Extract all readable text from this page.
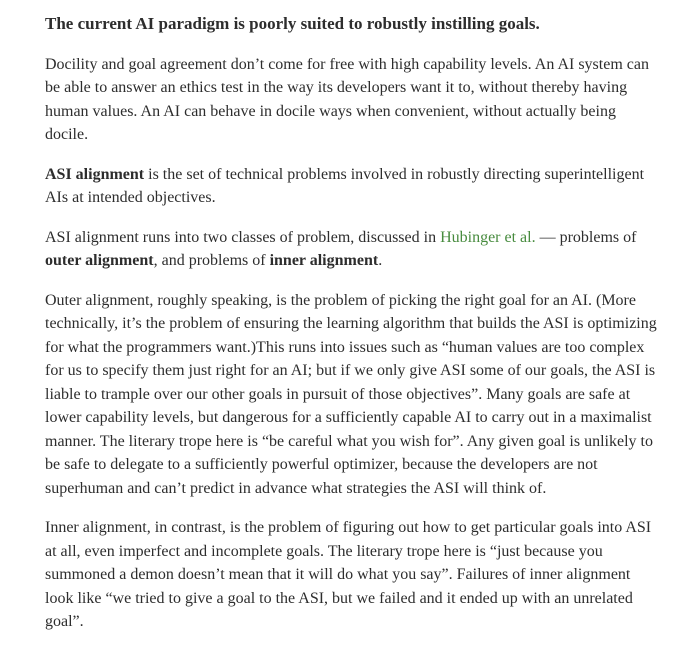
The current AI paradigm is poorly suited to robustly instilling goals.

Docility and goal agreement don’t come for free with high capability levels. An AI system can be able to answer an ethics test in the way its developers want it to, without thereby having human values. An AI can behave in docile ways when convenient, without actually being docile.

ASI alignment is the set of technical problems involved in robustly directing superintelligent AIs at intended objectives.

ASI alignment runs into two classes of problem, discussed in Hubinger et al. — problems of outer alignment, and problems of inner alignment.

Outer alignment, roughly speaking, is the problem of picking the right goal for an AI. (More technically, it’s the problem of ensuring the learning algorithm that builds the ASI is optimizing for what the programmers want.)This runs into issues such as “human values are too complex for us to specify them just right for an AI; but if we only give ASI some of our goals, the ASI is liable to trample over our other goals in pursuit of those objectives”. Many goals are safe at lower capability levels, but dangerous for a sufficiently capable AI to carry out in a maximalist manner. The literary trope here is “be careful what you wish for”. Any given goal is unlikely to be safe to delegate to a sufficiently powerful optimizer, because the developers are not superhuman and can’t predict in advance what strategies the ASI will think of.

Inner alignment, in contrast, is the problem of figuring out how to get particular goals into ASI at all, even imperfect and incomplete goals. The literary trope here is “just because you summoned a demon doesn’t mean that it will do what you say”. Failures of inner alignment look like “we tried to give a goal to the ASI, but we failed and it ended up with an unrelated goal”.
